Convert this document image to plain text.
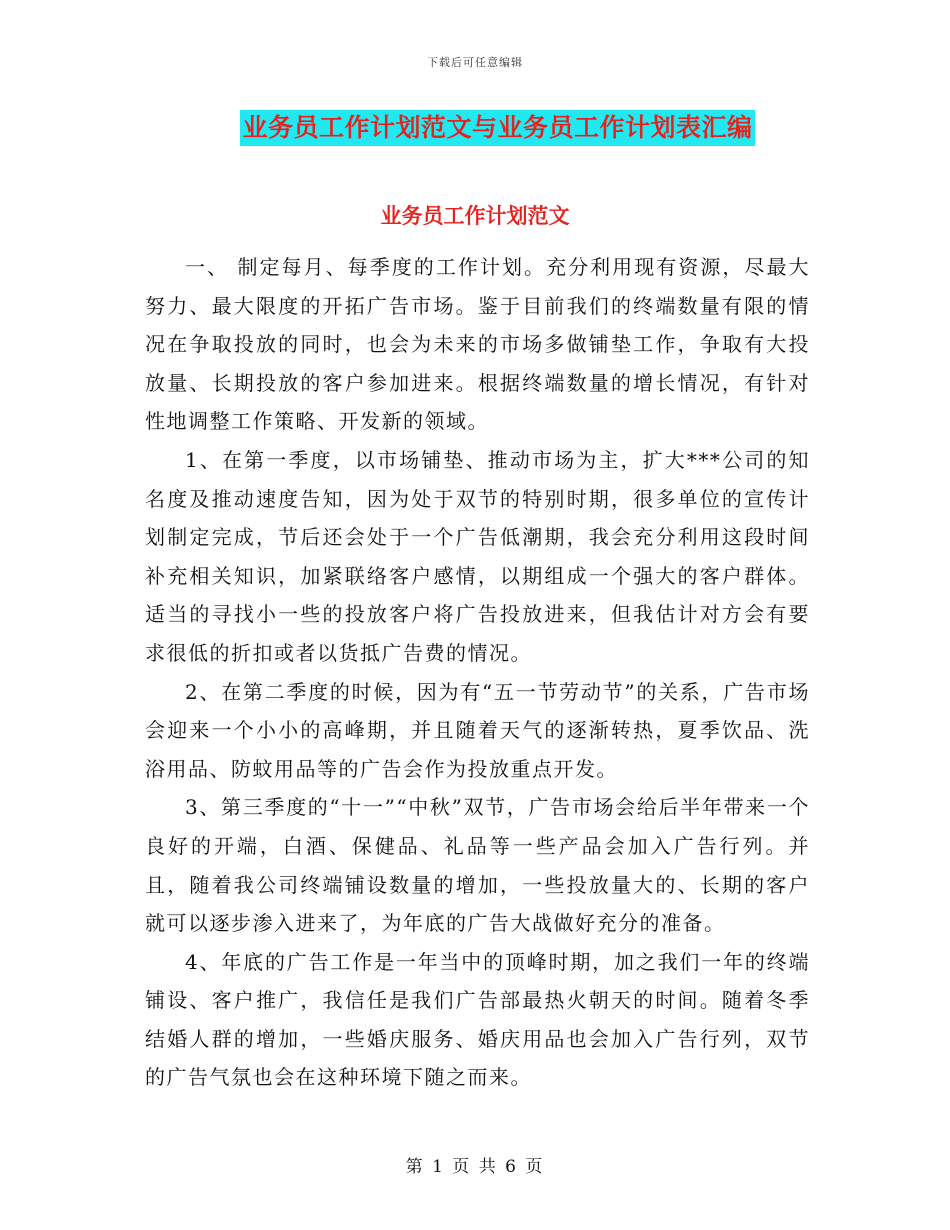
下载后可任意编辑
业务员工作计划范文与业务员工作计划表汇编
业务员工作计划范文

一、 制定每月、每季度的工作计划。充分利用现有资源，尽最大努力、最大限度的开拓广告市场。鉴于目前我们的终端数量有限的情况在争取投放的同时，也会为未来的市场多做铺垫工作，争取有大投放量、长期投放的客户参加进来。根据终端数量的增长情况，有针对性地调整工作策略、开发新的领域。

1、在第一季度，以市场铺垫、推动市场为主，扩大***公司的知名度及推动速度告知，因为处于双节的特别时期，很多单位的宣传计划制定完成，节后还会处于一个广告低潮期，我会充分利用这段时间补充相关知识，加紧联络客户感情，以期组成一个强大的客户群体。适当的寻找小一些的投放客户将广告投放进来，但我估计对方会有要求很低的折扣或者以货抵广告费的情况。

2、在第二季度的时候，因为有“五一节劳动节”的关系，广告市场会迎来一个小小的高峰期，并且随着天气的逐渐转热，夏季饮品、洗浴用品、防蚊用品等的广告会作为投放重点开发。

3、第三季度的“十一”“中秋”双节，广告市场会给后半年带来一个良好的开端，白酒、保健品、礼品等一些产品会加入广告行列。并且，随着我公司终端铺设数量的增加，一些投放量大的、长期的客户就可以逐步渗入进来了，为年底的广告大战做好充分的准备。

4、年底的广告工作是一年当中的顶峰时期，加之我们一年的终端铺设、客户推广，我信任是我们广告部最热火朝天的时间。随着冬季结婚人群的增加，一些婚庆服务、婚庆用品也会加入广告行列，双节的广告气氛也会在这种环境下随之而来。

第 1 页 共 6 页
